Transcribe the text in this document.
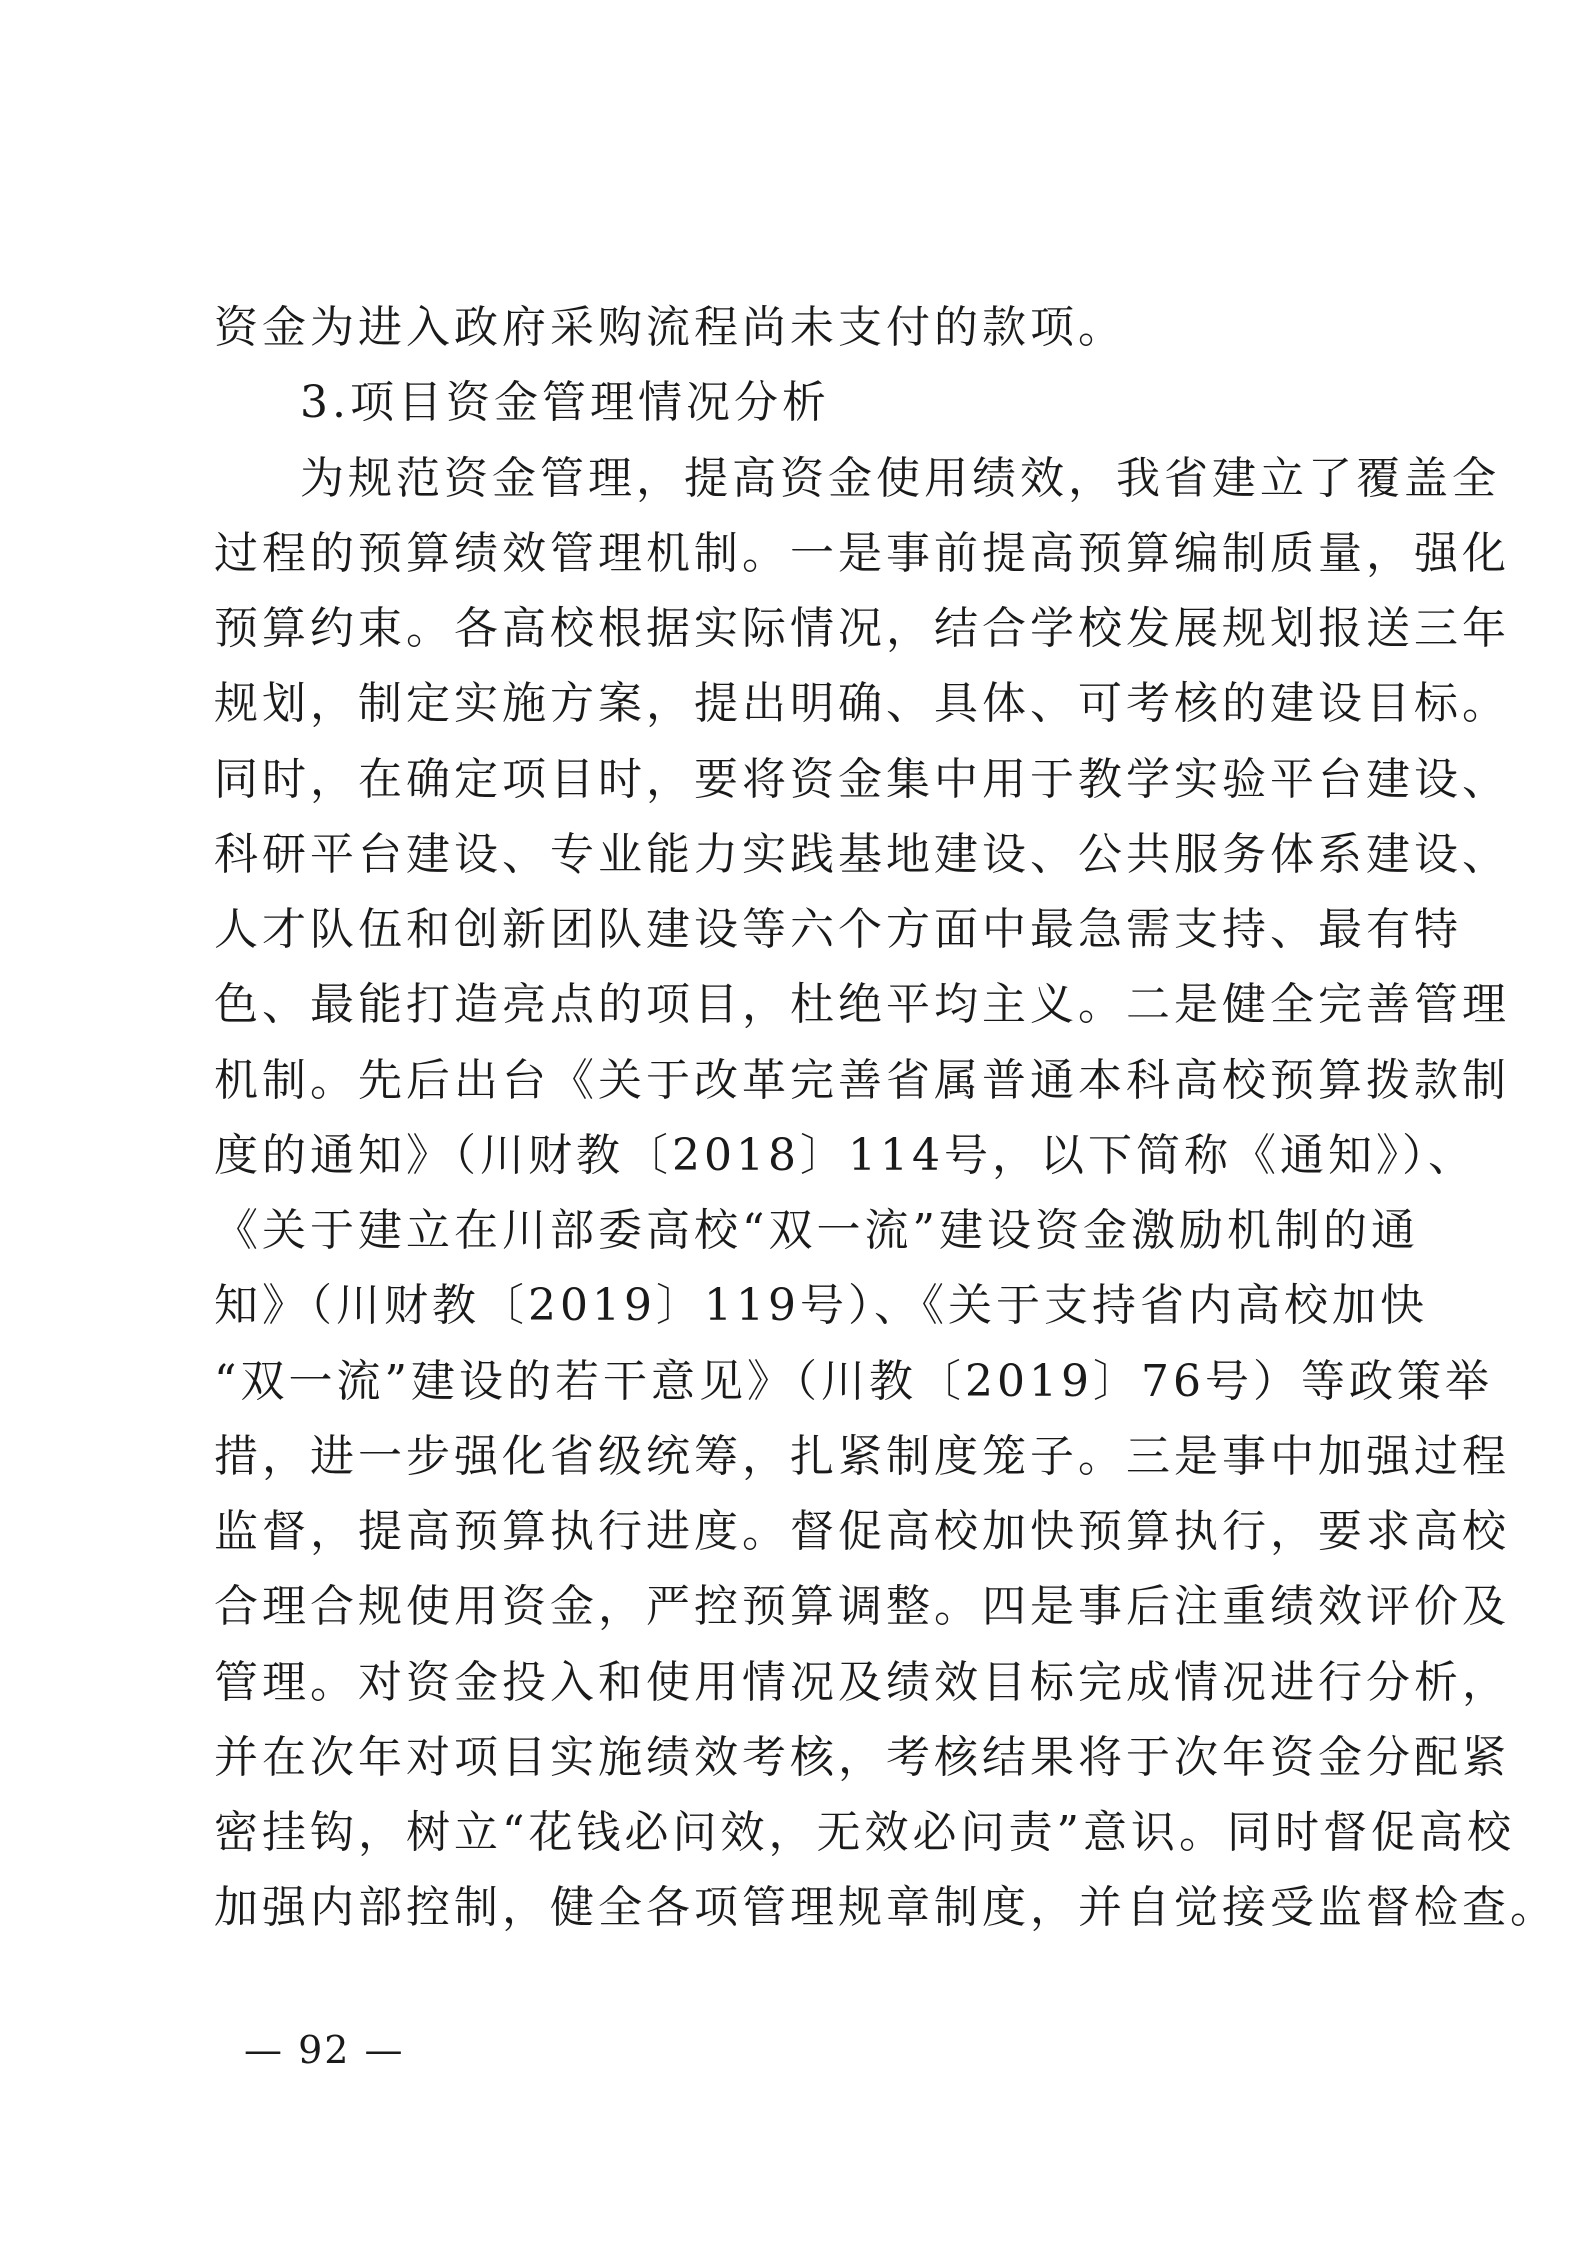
资金为进入政府采购流程尚未支付的款项。
3.项目资金管理情况分析
为规范资金管理，提高资金使用绩效，我省建立了覆盖全
过程的预算绩效管理机制。一是事前提高预算编制质量，强化
预算约束。各高校根据实际情况，结合学校发展规划报送三年
规划，制定实施方案，提出明确、具体、可考核的建设目标。
同时，在确定项目时，要将资金集中用于教学实验平台建设、
科研平台建设、专业能力实践基地建设、公共服务体系建设、
人才队伍和创新团队建设等六个方面中最急需支持、最有特
色、最能打造亮点的项目，杜绝平均主义。二是健全完善管理
机制。先后出台《关于改革完善省属普通本科高校预算拨款制
度的通知》（川财教〔2018〕114号，以下简称《通知》）、
《关于建立在川部委高校“双一流”建设资金激励机制的通
知》（川财教〔2019〕119号）、《关于支持省内高校加快
“双一流”建设的若干意见》（川教〔2019〕76号）等政策举
措，进一步强化省级统筹，扎紧制度笼子。三是事中加强过程
监督，提高预算执行进度。督促高校加快预算执行，要求高校
合理合规使用资金，严控预算调整。四是事后注重绩效评价及
管理。对资金投入和使用情况及绩效目标完成情况进行分析，
并在次年对项目实施绩效考核，考核结果将于次年资金分配紧
密挂钩，树立“花钱必问效，无效必问责”意识。同时督促高校
加强内部控制，健全各项管理规章制度，并自觉接受监督检查。
— 92 —
